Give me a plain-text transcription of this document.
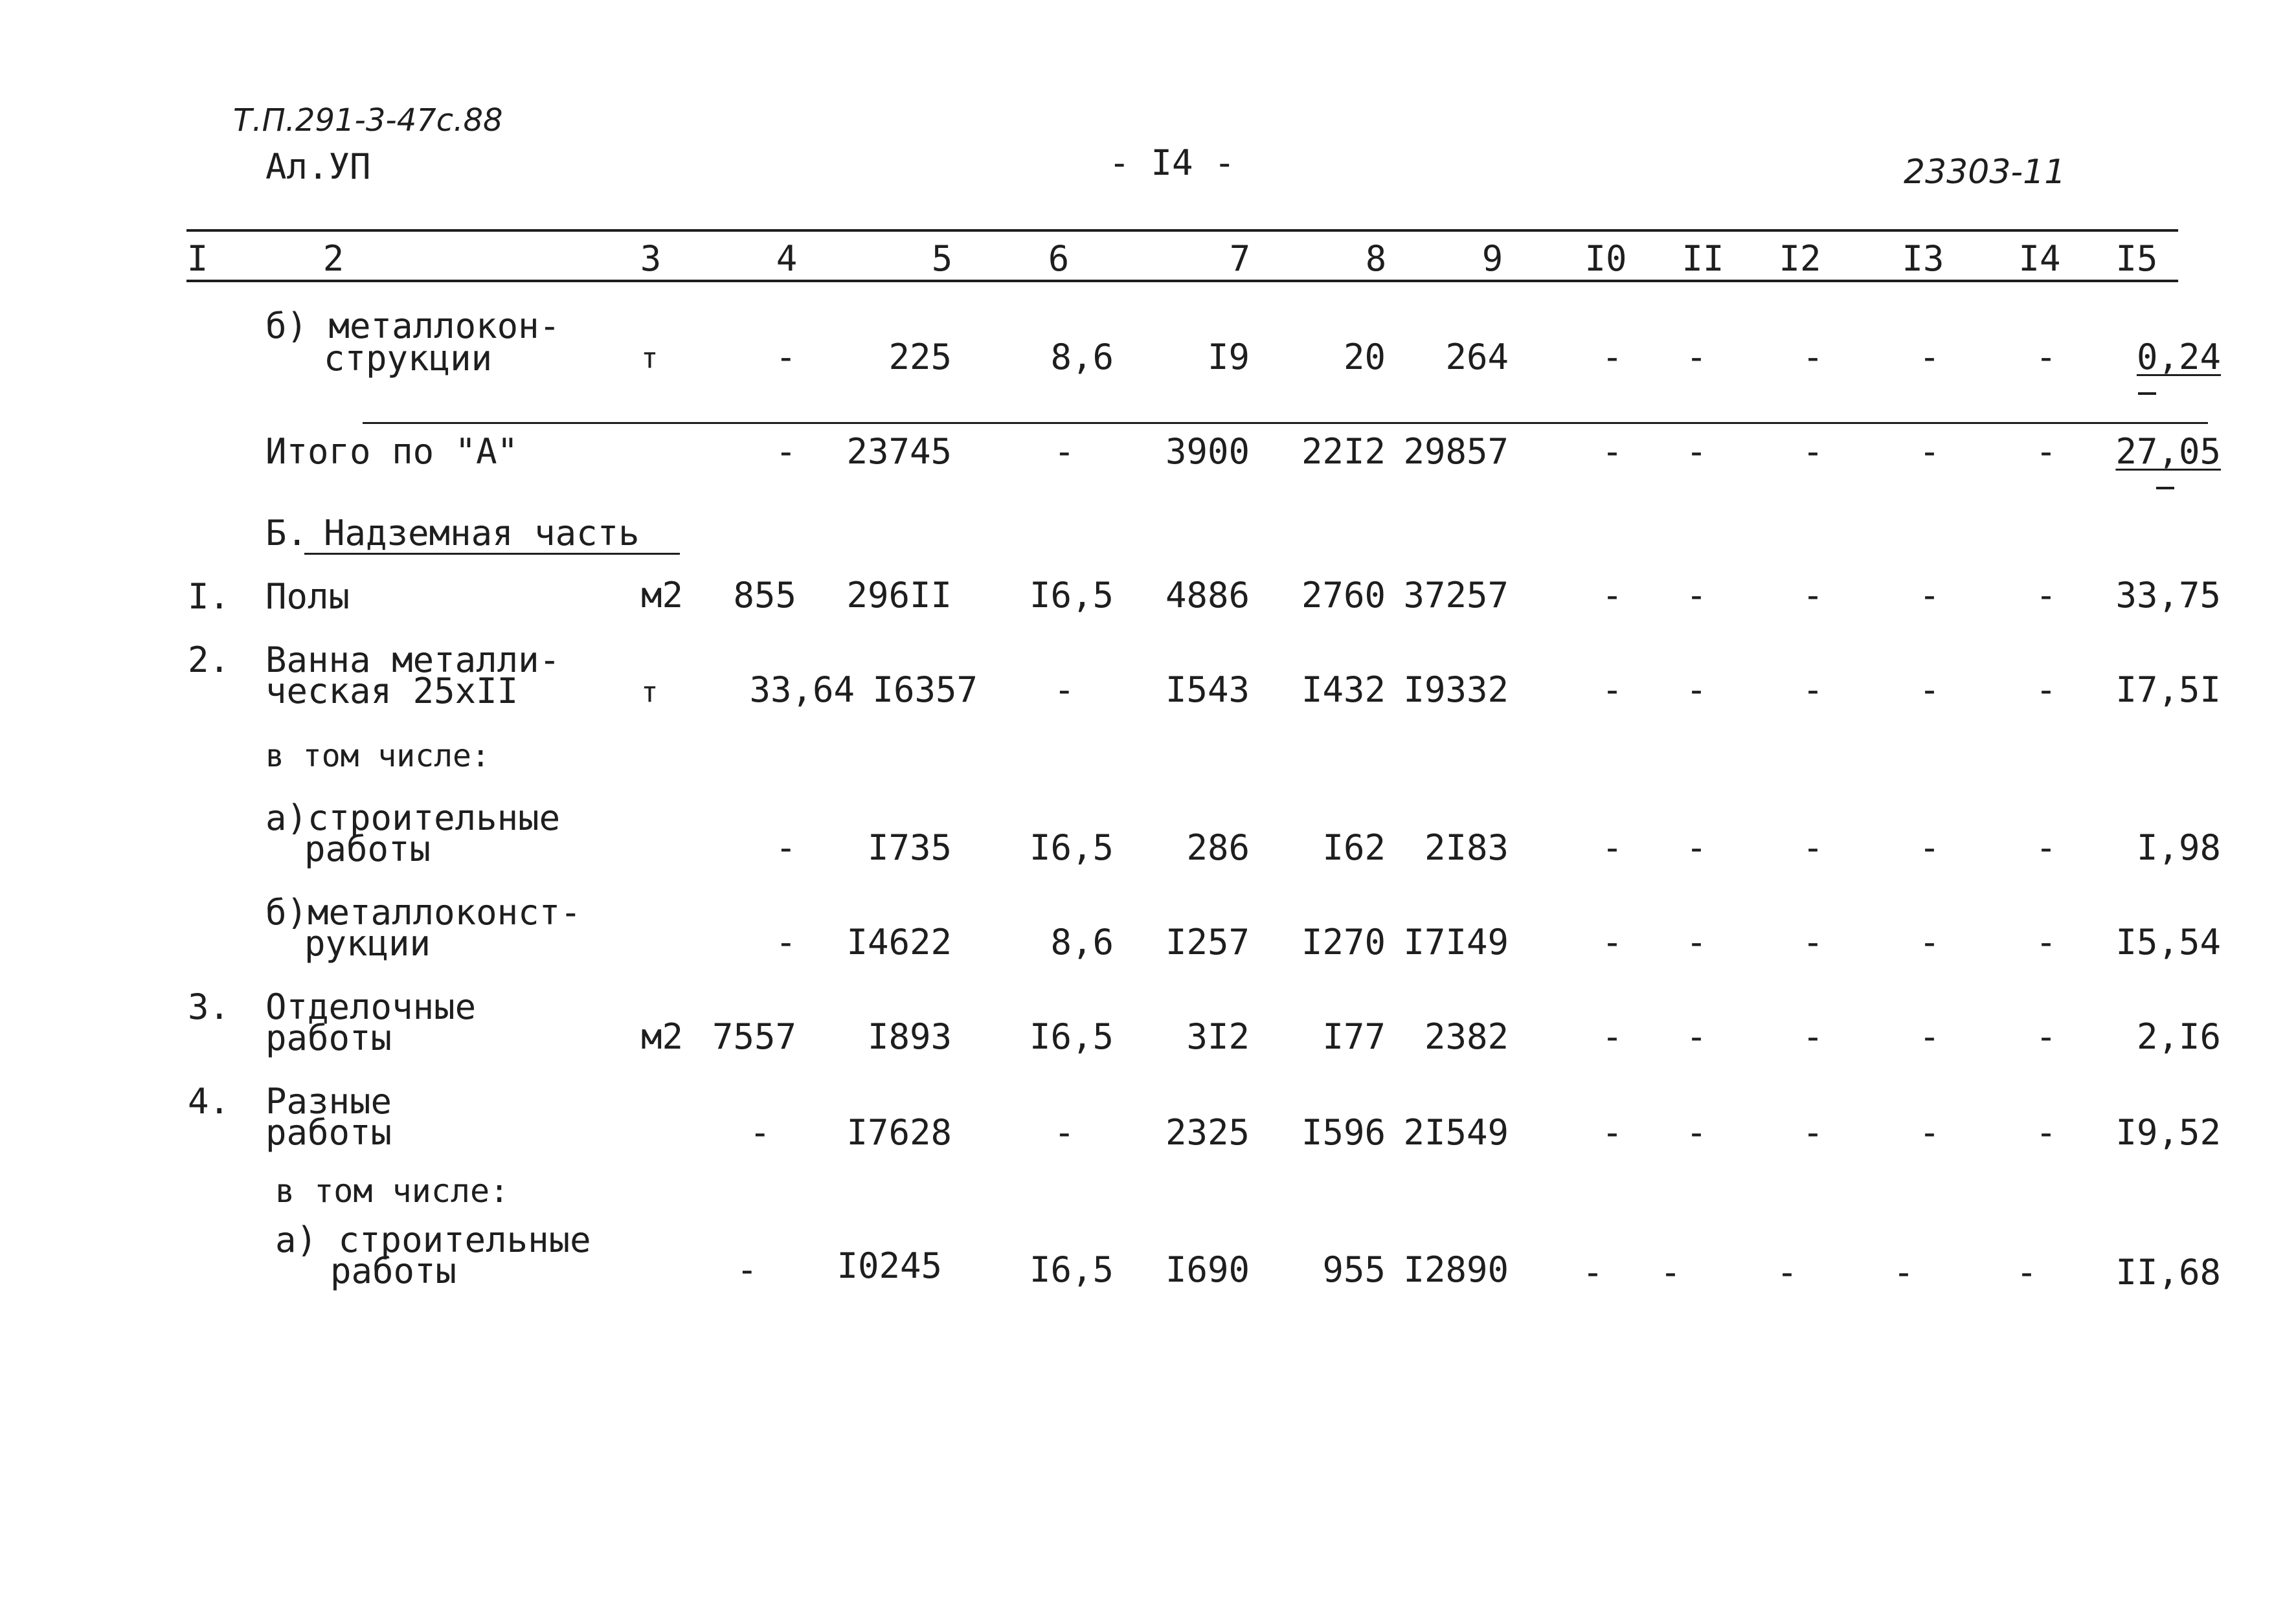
Т.П.291-3-47с.88
Ал.УП	- I4 -	23303-11
I	2	3	4	5	6	7	8	9	I0 II I2 I3 I4 I5
б) металлокон-
струкции	т	-	225	8,6	I9	20	264	- -	-	-	-	0,24
Итого по "А"	- 23745	-	3900	22I2 29857	- -	-	-	-	27,05
Б. Надземная часть
I. Полы	м2	855 296II	I6,5	4886	2760 37257	- -	-	-	-	33,75
2. Ванна металли-
ческая 25хII	т	33,64 I6357	-	I543	I432 I9332	- -	-	-	-	I7,5I
в том числе:
а)строительные
работы	-	I735	I6,5	286	I62	2I83	- -	-	-	-	I,98
б)металлоконст-
рукции	- I4622	8,6	I257	I270 I7I49	- -	-	-	-	I5,54
3. Отделочные
работы	м2 7557	I893	I6,5	3I2	I77	2382	- -	-	-	-	2,I6
4. Разные
работы	- I7628	-	2325	I596 2I549	- -	-	-	-	I9,52
в том числе:
а) строительные
работы	- I0245	I6,5	I690	955 I2890 - -	-	-	-	II,68
